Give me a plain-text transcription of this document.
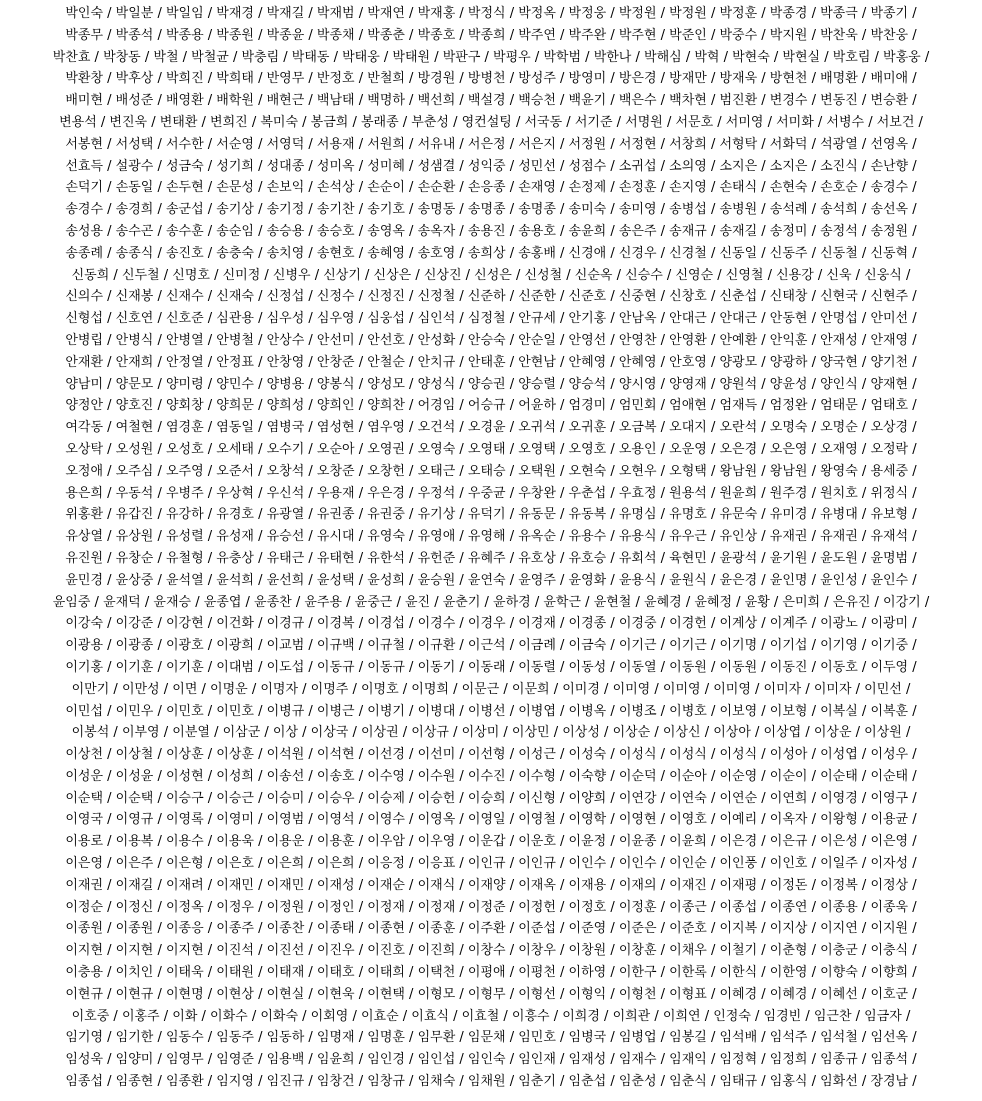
박인숙 / 박일분 / 박일임 / 박재경 / 박재길 / 박재범 / 박재연 / 박재홍 / 박정식 / 박정옥 / 박정웅 / 박정원 / 박정원 / 박정훈 / 박종경 / 박종극 / 박종기 /
박종무 / 박종석 / 박종용 / 박종원 / 박종윤 / 박종채 / 박종춘 / 박종호 / 박종희 / 박주연 / 박주완 / 박주현 / 박준인 / 박중수 / 박지원 / 박찬욱 / 박찬웅 /
박찬효 / 박창동 / 박철 / 박철균 / 박충림 / 박태동 / 박태웅 / 박태원 / 박판구 / 박평우 / 박학범 / 박한나 / 박해심 / 박혁 / 박현숙 / 박현실 / 박호림 / 박홍웅 /
박환창 / 박후상 / 박희진 / 박희태 / 반영무 / 반정호 / 반철희 / 방경원 / 방병천 / 방성주 / 방영미 / 방은경 / 방재만 / 방재욱 / 방현천 / 배명환 / 배미애 /
배미현 / 배성준 / 배영환 / 배학원 / 배현근 / 백남태 / 백명하 / 백선희 / 백설경 / 백승천 / 백윤기 / 백은수 / 백차현 / 범진환 / 변경수 / 변동진 / 변승환 /
변용석 / 변진욱 / 변태환 / 변희진 / 복미숙 / 봉금희 / 봉래종 / 부춘성 / 영컨설팅 / 서국동 / 서기준 / 서명원 / 서문호 / 서미영 / 서미화 / 서병수 / 서보건 /
서봉현 / 서성택 / 서수한 / 서순영 / 서영덕 / 서용재 / 서원희 / 서유내 / 서은정 / 서은지 / 서정원 / 서정현 / 서창희 / 서형탁 / 서화덕 / 석광열 / 선영옥 /
선효득 / 설광수 / 성금숙 / 성기희 / 성대종 / 성미옥 / 성미혜 / 성샘결 / 성익중 / 성민선 / 성점수 / 소귀섭 / 소의영 / 소지은 / 소지은 / 소진식 / 손난향 /
손덕기 / 손동일 / 손두현 / 손문성 / 손보익 / 손석상 / 손순이 / 손순환 / 손응종 / 손재영 / 손정제 / 손정훈 / 손지영 / 손태식 / 손현숙 / 손호순 / 송경수 /
송경수 / 송경희 / 송군섭 / 송기상 / 송기정 / 송기찬 / 송기호 / 송명동 / 송명종 / 송명종 / 송미숙 / 송미영 / 송병섭 / 송병원 / 송석례 / 송석희 / 송선옥 /
송성용 / 송수곤 / 송수훈 / 송순임 / 송승용 / 송승호 / 송영옥 / 송옥자 / 송용진 / 송용호 / 송윤희 / 송은주 / 송재규 / 송재길 / 송정미 / 송정석 / 송정원 /
송종례 / 송종식 / 송진호 / 송충숙 / 송치영 / 송현호 / 송혜영 / 송호영 / 송희상 / 송홍배 / 신경애 / 신경우 / 신경철 / 신동일 / 신동주 / 신동철 / 신동혁 /
신동희 / 신두철 / 신명호 / 신미정 / 신병우 / 신상기 / 신상은 / 신상진 / 신성은 / 신성철 / 신순옥 / 신승수 / 신영순 / 신영철 / 신용강 / 신욱 / 신웅식 /
신의수 / 신재봉 / 신재수 / 신재숙 / 신정섭 / 신정수 / 신정진 / 신정철 / 신준하 / 신준한 / 신준호 / 신중현 / 신창호 / 신춘섭 / 신태창 / 신현국 / 신현주 /
신형섭 / 신호연 / 신호준 / 심관용 / 심우성 / 심우영 / 심웅섭 / 심인석 / 심정철 / 안규세 / 안기홍 / 안남옥 / 안대근 / 안대근 / 안동현 / 안명섭 / 안미선 /
안병립 / 안병식 / 안병열 / 안병철 / 안상수 / 안선미 / 안선호 / 안성화 / 안승숙 / 안순일 / 안영선 / 안영찬 / 안영환 / 안예환 / 안익훈 / 안재성 / 안재영 /
안재환 / 안재희 / 안정열 / 안정표 / 안창영 / 안창준 / 안철순 / 안치규 / 안태훈 / 안현남 / 안혜영 / 안혜영 / 안호영 / 양광모 / 양광하 / 양국현 / 양기천 /
양남미 / 양문모 / 양미령 / 양민수 / 양병용 / 양봉식 / 양성모 / 양성식 / 양승권 / 양승렬 / 양승석 / 양시영 / 양영재 / 양원석 / 양윤성 / 양인식 / 양재현 /
양정안 / 양호진 / 양회창 / 양희문 / 양희성 / 양희인 / 양희찬 / 어경임 / 어승규 / 어윤하 / 엄경미 / 엄민회 / 엄애현 / 엄재득 / 엄정완 / 엄태문 / 엄태호 /
여각동 / 여철현 / 염경훈 / 염동일 / 염병국 / 염성현 / 염우영 / 오건석 / 오경윤 / 오귀석 / 오귀훈 / 오금복 / 오대지 / 오란석 / 오명숙 / 오명순 / 오상경 /
오상탁 / 오성원 / 오성호 / 오세태 / 오수기 / 오순아 / 오영권 / 오영숙 / 오영태 / 오영택 / 오영호 / 오용인 / 오운영 / 오은경 / 오은영 / 오재영 / 오정락 /
오정애 / 오주심 / 오주영 / 오준서 / 오창석 / 오창준 / 오창헌 / 오태근 / 오태승 / 오택원 / 오현숙 / 오현우 / 오형택 / 왕남원 / 왕남원 / 왕영숙 / 용세중 /
용은희 / 우동석 / 우병주 / 우상혁 / 우신석 / 우용재 / 우은경 / 우정석 / 우중균 / 우창완 / 우춘섭 / 우효정 / 원용석 / 원윤희 / 원주경 / 원치호 / 위정식 /
위홍환 / 유갑진 / 유강하 / 유경호 / 유광열 / 유권종 / 유권중 / 유기상 / 유덕기 / 유동문 / 유동복 / 유명심 / 유명호 / 유문숙 / 유미경 / 유병대 / 유보형 /
유상열 / 유상원 / 유성렬 / 유성재 / 유승선 / 유시대 / 유영숙 / 유영애 / 유영해 / 유옥순 / 유용수 / 유용식 / 유우근 / 유인상 / 유재권 / 유재권 / 유재석 /
유진원 / 유창순 / 유철형 / 유충상 / 유태근 / 유태현 / 유한석 / 유헌준 / 유혜주 / 유호상 / 유호승 / 유회석 / 육현민 / 윤광석 / 윤기원 / 윤도원 / 윤명범 /
윤민경 / 윤상중 / 윤석열 / 윤석희 / 윤선희 / 윤성택 / 윤성희 / 윤승원 / 윤연숙 / 윤영주 / 윤영화 / 윤용식 / 윤원식 / 윤은경 / 윤인명 / 윤인성 / 윤인수 /
윤임중 / 윤재덕 / 윤재승 / 윤종엽 / 윤종찬 / 윤주용 / 윤중근 / 윤진 / 윤춘기 / 윤하경 / 윤학근 / 윤현철 / 윤혜경 / 윤혜정 / 윤황 / 은미희 / 은유진 / 이강기 /
이강숙 / 이강준 / 이강현 / 이건화 / 이경규 / 이경복 / 이경섭 / 이경수 / 이경우 / 이경재 / 이경종 / 이경중 / 이경헌 / 이계상 / 이계주 / 이광노 / 이광미 /
이광용 / 이광종 / 이광호 / 이광희 / 이교범 / 이규백 / 이규철 / 이규환 / 이근석 / 이금례 / 이금숙 / 이기근 / 이기근 / 이기명 / 이기섭 / 이기영 / 이기중 /
이기홍 / 이기훈 / 이기훈 / 이대범 / 이도섭 / 이동규 / 이동규 / 이동기 / 이동래 / 이동렬 / 이동성 / 이동열 / 이동원 / 이동원 / 이동진 / 이동호 / 이두영 /
이만기 / 이만성 / 이면 / 이명운 / 이명자 / 이명주 / 이명호 / 이명희 / 이문근 / 이문희 / 이미경 / 이미영 / 이미영 / 이미영 / 이미자 / 이미자 / 이민선 /
이민섭 / 이민우 / 이민호 / 이민호 / 이병규 / 이병근 / 이병기 / 이병대 / 이병선 / 이병엽 / 이병옥 / 이병조 / 이병호 / 이보영 / 이보형 / 이복실 / 이복훈 /
이봉석 / 이부영 / 이분열 / 이삼군 / 이상 / 이상국 / 이상권 / 이상규 / 이상미 / 이상민 / 이상성 / 이상순 / 이상신 / 이상아 / 이상엽 / 이상운 / 이상원 /
이상천 / 이상철 / 이상훈 / 이상훈 / 이석원 / 이석현 / 이선경 / 이선미 / 이선형 / 이성근 / 이성숙 / 이성식 / 이성식 / 이성식 / 이성아 / 이성엽 / 이성우 /
이성운 / 이성윤 / 이성현 / 이성희 / 이송선 / 이송호 / 이수영 / 이수원 / 이수진 / 이수형 / 이숙향 / 이순덕 / 이순아 / 이순영 / 이순이 / 이순태 / 이순태 /
이순택 / 이순택 / 이승구 / 이승근 / 이승미 / 이승우 / 이승제 / 이승헌 / 이승희 / 이신형 / 이양희 / 이연강 / 이연숙 / 이연순 / 이연희 / 이영경 / 이영구 /
이영국 / 이영규 / 이영록 / 이영미 / 이영범 / 이영석 / 이영수 / 이영옥 / 이영일 / 이영철 / 이영학 / 이영현 / 이영호 / 이예리 / 이옥자 / 이왕형 / 이용균 /
이용로 / 이용복 / 이용수 / 이용욱 / 이용운 / 이용훈 / 이우암 / 이우영 / 이운갑 / 이운호 / 이윤정 / 이윤종 / 이윤희 / 이은경 / 이은규 / 이은성 / 이은영 /
이은영 / 이은주 / 이은형 / 이은호 / 이은희 / 이은희 / 이응정 / 이응표 / 이인규 / 이인규 / 이인수 / 이인수 / 이인순 / 이인풍 / 이인호 / 이일주 / 이자성 /
이재권 / 이재길 / 이재려 / 이재민 / 이재민 / 이재성 / 이재순 / 이재식 / 이재양 / 이재옥 / 이재용 / 이재의 / 이재진 / 이재평 / 이정돈 / 이정복 / 이정상 /
이정순 / 이정신 / 이정옥 / 이정우 / 이정원 / 이정인 / 이정재 / 이정재 / 이정준 / 이정헌 / 이정호 / 이정훈 / 이종근 / 이종섭 / 이종연 / 이종용 / 이종욱 /
이종원 / 이종원 / 이종응 / 이종주 / 이종찬 / 이종태 / 이종현 / 이종훈 / 이주환 / 이준섭 / 이준영 / 이준은 / 이준호 / 이지복 / 이지상 / 이지연 / 이지원 /
이지현 / 이지현 / 이지현 / 이진석 / 이진선 / 이진우 / 이진호 / 이진희 / 이창수 / 이창우 / 이창원 / 이창훈 / 이채우 / 이철기 / 이춘형 / 이충군 / 이충식 /
이충용 / 이치인 / 이태욱 / 이태원 / 이태재 / 이태호 / 이태희 / 이택천 / 이평애 / 이평천 / 이하영 / 이한구 / 이한록 / 이한식 / 이한영 / 이향숙 / 이향희 /
이현규 / 이현규 / 이현명 / 이현상 / 이현실 / 이현욱 / 이현택 / 이형모 / 이형무 / 이형선 / 이형익 / 이형천 / 이형표 / 이혜경 / 이혜경 / 이혜선 / 이호군 /
이호중 / 이홍주 / 이화 / 이화수 / 이화숙 / 이회영 / 이효순 / 이효식 / 이효철 / 이흥수 / 이희경 / 이희관 / 이희연 / 인정숙 / 임경빈 / 임근찬 / 임금자 /
임기영 / 임기한 / 임동수 / 임동주 / 임동하 / 임명재 / 임명훈 / 임무환 / 임문채 / 임민호 / 임병국 / 임병업 / 임봉길 / 임석배 / 임석주 / 임석철 / 임선옥 /
임성욱 / 임양미 / 임영무 / 임영준 / 임용백 / 임윤희 / 임인경 / 임인섭 / 임인숙 / 임인재 / 임재성 / 임재수 / 임재익 / 임정혁 / 임정희 / 임종규 / 임종석 /
임종섭 / 임종현 / 임종환 / 임지영 / 임진규 / 임창건 / 임창규 / 임채숙 / 임채원 / 임춘기 / 임춘섭 / 임춘성 / 임춘식 / 임태규 / 임홍식 / 임화선 / 장경남 /
